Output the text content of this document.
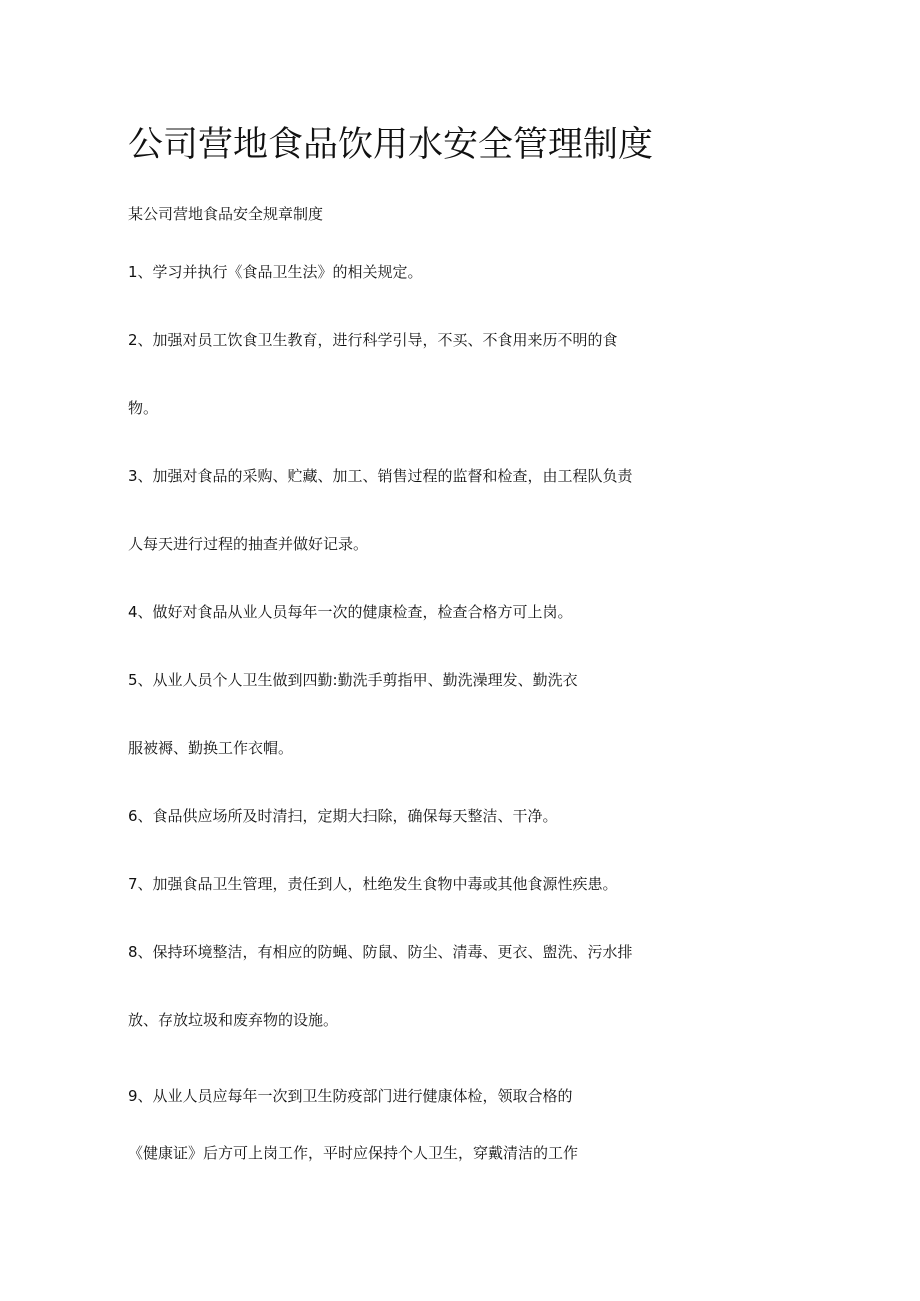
公司营地食品饮用水安全管理制度

某公司营地食品安全规章制度

1、学习并执行《食品卫生法》的相关规定。

2、加强对员工饮食卫生教育，进行科学引导，不买、不食用来历不明的食

物。

3、加强对食品的采购、贮藏、加工、销售过程的监督和检查，由工程队负责

人每天进行过程的抽查并做好记录。

4、做好对食品从业人员每年一次的健康检查，检查合格方可上岗。

5、从业人员个人卫生做到四勤:勤洗手剪指甲、勤洗澡理发、勤洗衣

服被褥、勤换工作衣帽。

6、食品供应场所及时清扫，定期大扫除，确保每天整洁、干净。

7、加强食品卫生管理，责任到人，杜绝发生食物中毒或其他食源性疾患。

8、保持环境整洁，有相应的防蝇、防鼠、防尘、清毒、更衣、盥洗、污水排

放、存放垃圾和废弃物的设施。

9、从业人员应每年一次到卫生防疫部门进行健康体检，领取合格的

《健康证》后方可上岗工作，平时应保持个人卫生，穿戴清洁的工作
